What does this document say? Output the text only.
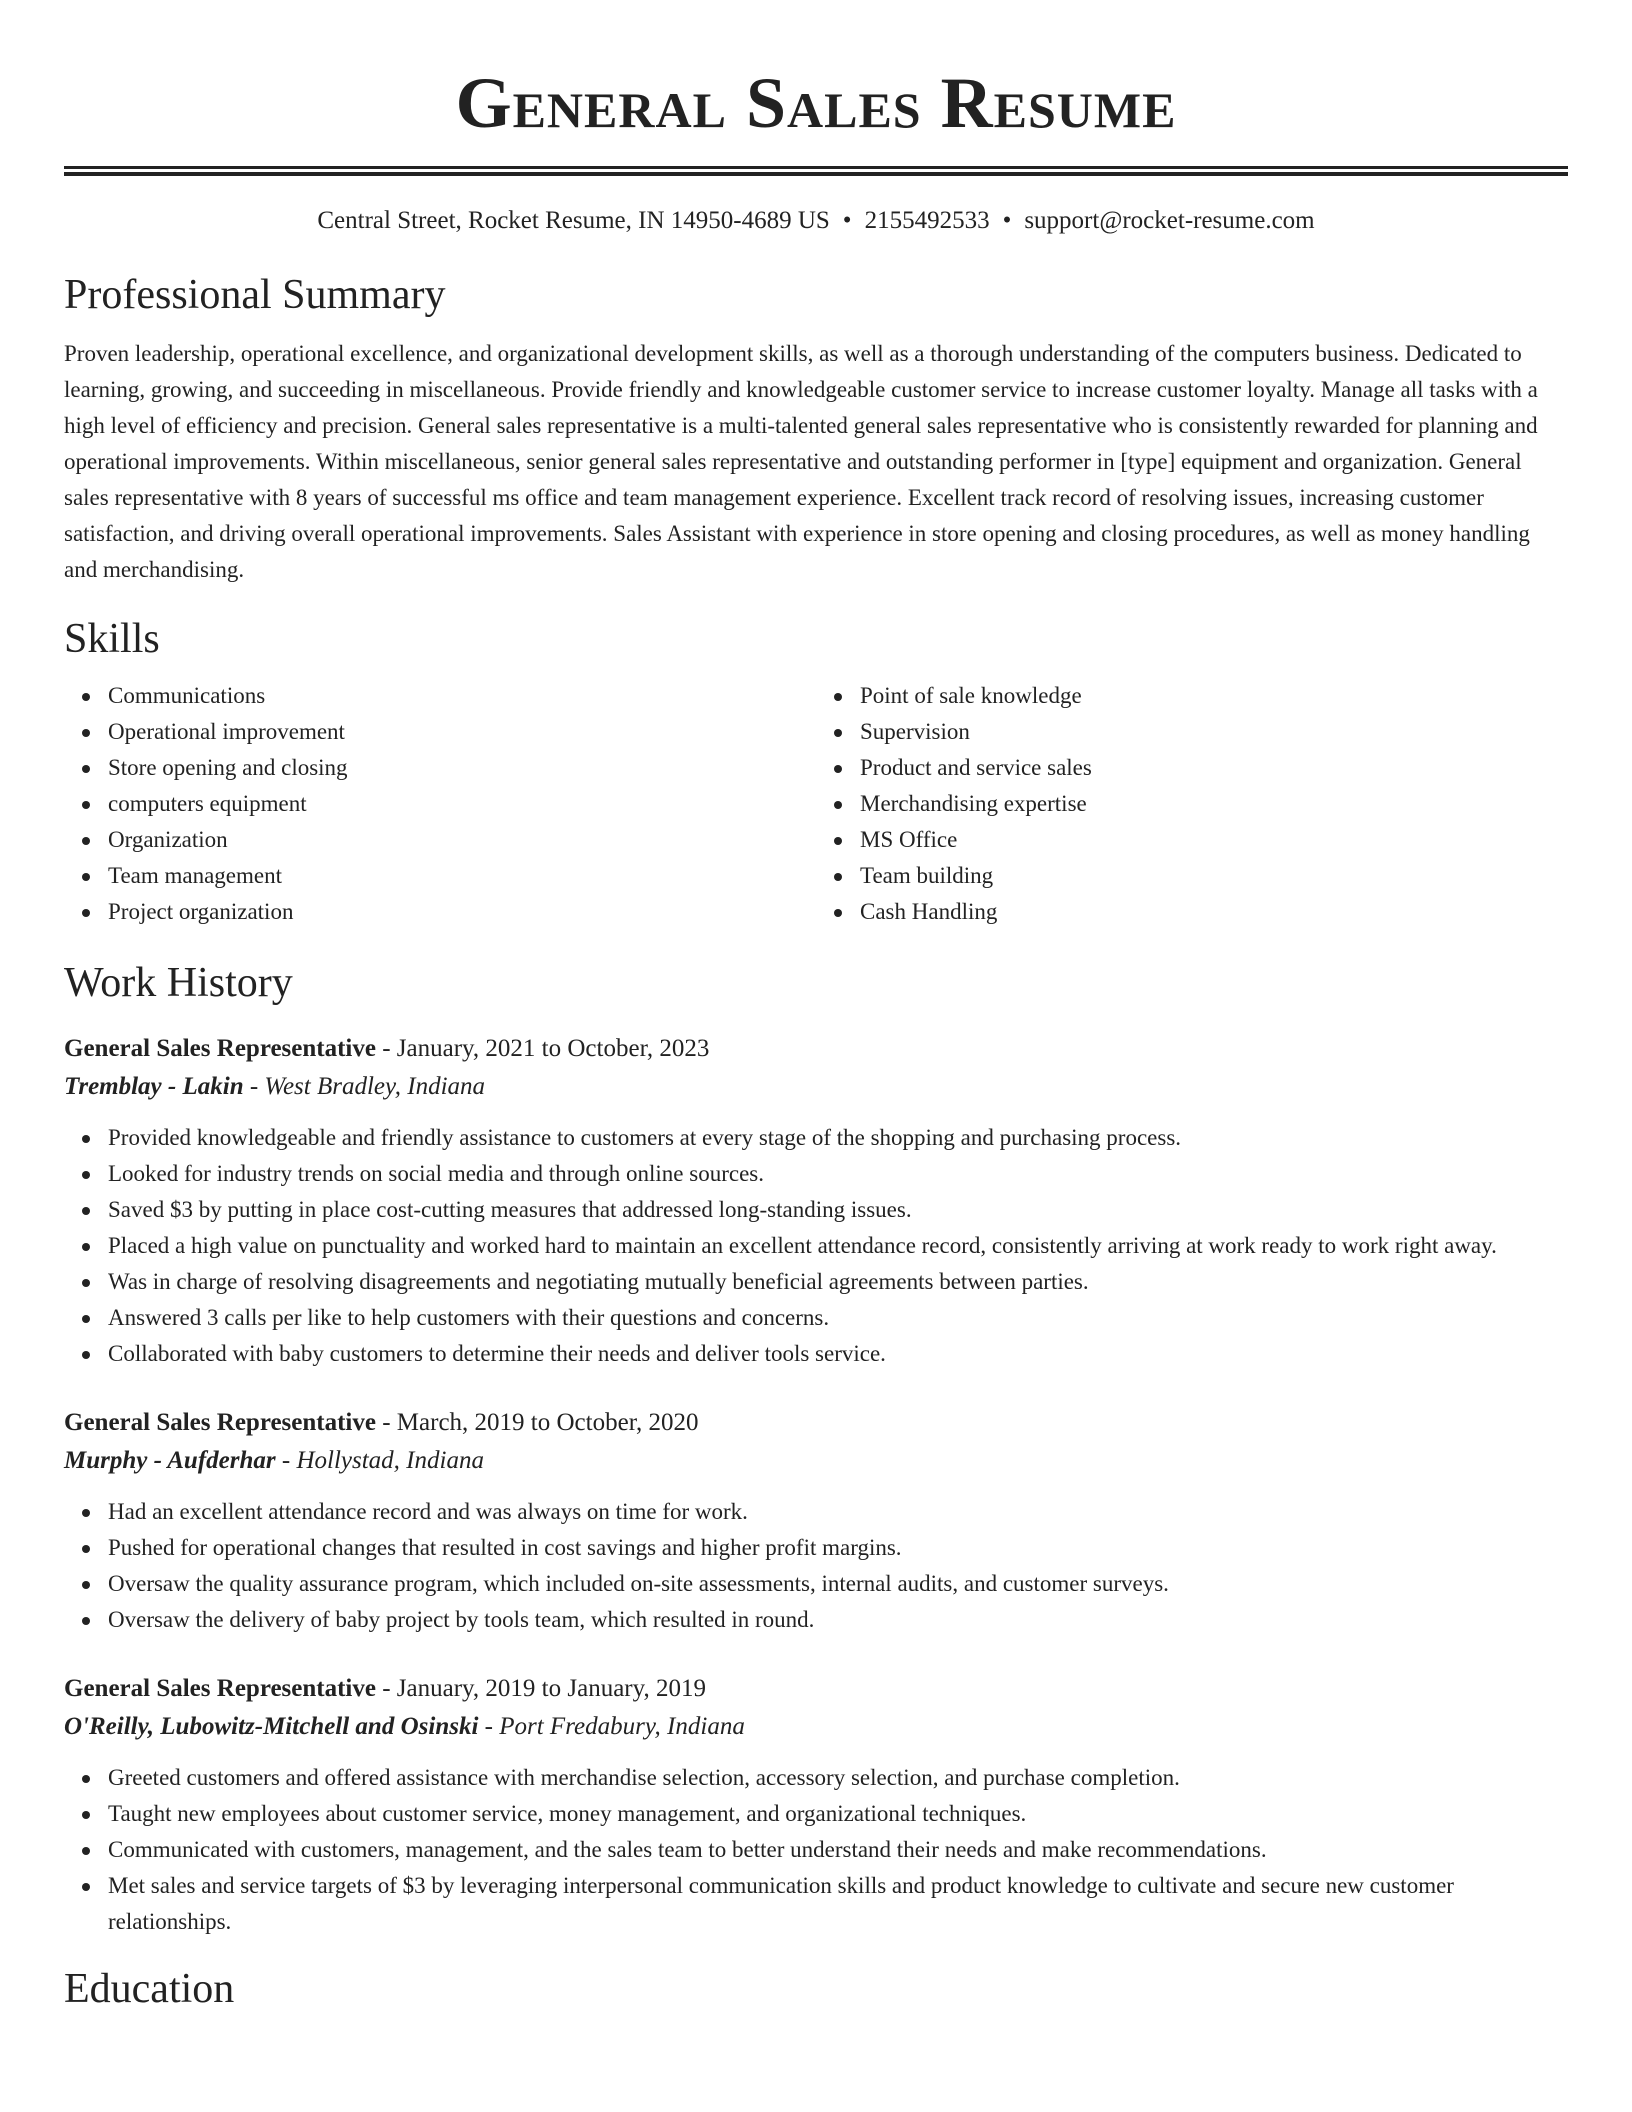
General Sales Resume
Central Street, Rocket Resume, IN 14950-4689 US • 2155492533 • support@rocket-resume.com
Professional Summary

Proven leadership, operational excellence, and organizational development skills, as well as a thorough understanding of the computers business. Dedicated to learning, growing, and succeeding in miscellaneous. Provide friendly and knowledgeable customer service to increase customer loyalty. Manage all tasks with a high level of efficiency and precision. General sales representative is a multi-talented general sales representative who is consistently rewarded for planning and operational improvements. Within miscellaneous, senior general sales representative and outstanding performer in [type] equipment and organization. General sales representative with 8 years of successful ms office and team management experience. Excellent track record of resolving issues, increasing customer satisfaction, and driving overall operational improvements. Sales Assistant with experience in store opening and closing procedures, as well as money handling and merchandising.

Skills
Communications
Operational improvement
Store opening and closing
computers equipment
Organization
Team management
Project organization
Point of sale knowledge
Supervision
Product and service sales
Merchandising expertise
MS Office
Team building
Cash Handling
Work History
General Sales Representative - January, 2021 to October, 2023
Tremblay - Lakin - West Bradley, Indiana
Provided knowledgeable and friendly assistance to customers at every stage of the shopping and purchasing process.
Looked for industry trends on social media and through online sources.
Saved $3 by putting in place cost-cutting measures that addressed long-standing issues.
Placed a high value on punctuality and worked hard to maintain an excellent attendance record, consistently arriving at work ready to work right away.
Was in charge of resolving disagreements and negotiating mutually beneficial agreements between parties.
Answered 3 calls per like to help customers with their questions and concerns.
Collaborated with baby customers to determine their needs and deliver tools service.
General Sales Representative - March, 2019 to October, 2020
Murphy - Aufderhar - Hollystad, Indiana
Had an excellent attendance record and was always on time for work.
Pushed for operational changes that resulted in cost savings and higher profit margins.
Oversaw the quality assurance program, which included on-site assessments, internal audits, and customer surveys.
Oversaw the delivery of baby project by tools team, which resulted in round.
General Sales Representative - January, 2019 to January, 2019
O'Reilly, Lubowitz-Mitchell and Osinski - Port Fredabury, Indiana
Greeted customers and offered assistance with merchandise selection, accessory selection, and purchase completion.
Taught new employees about customer service, money management, and organizational techniques.
Communicated with customers, management, and the sales team to better understand their needs and make recommendations.
Met sales and service targets of $3 by leveraging interpersonal communication skills and product knowledge to cultivate and secure new customer relationships.
Education
